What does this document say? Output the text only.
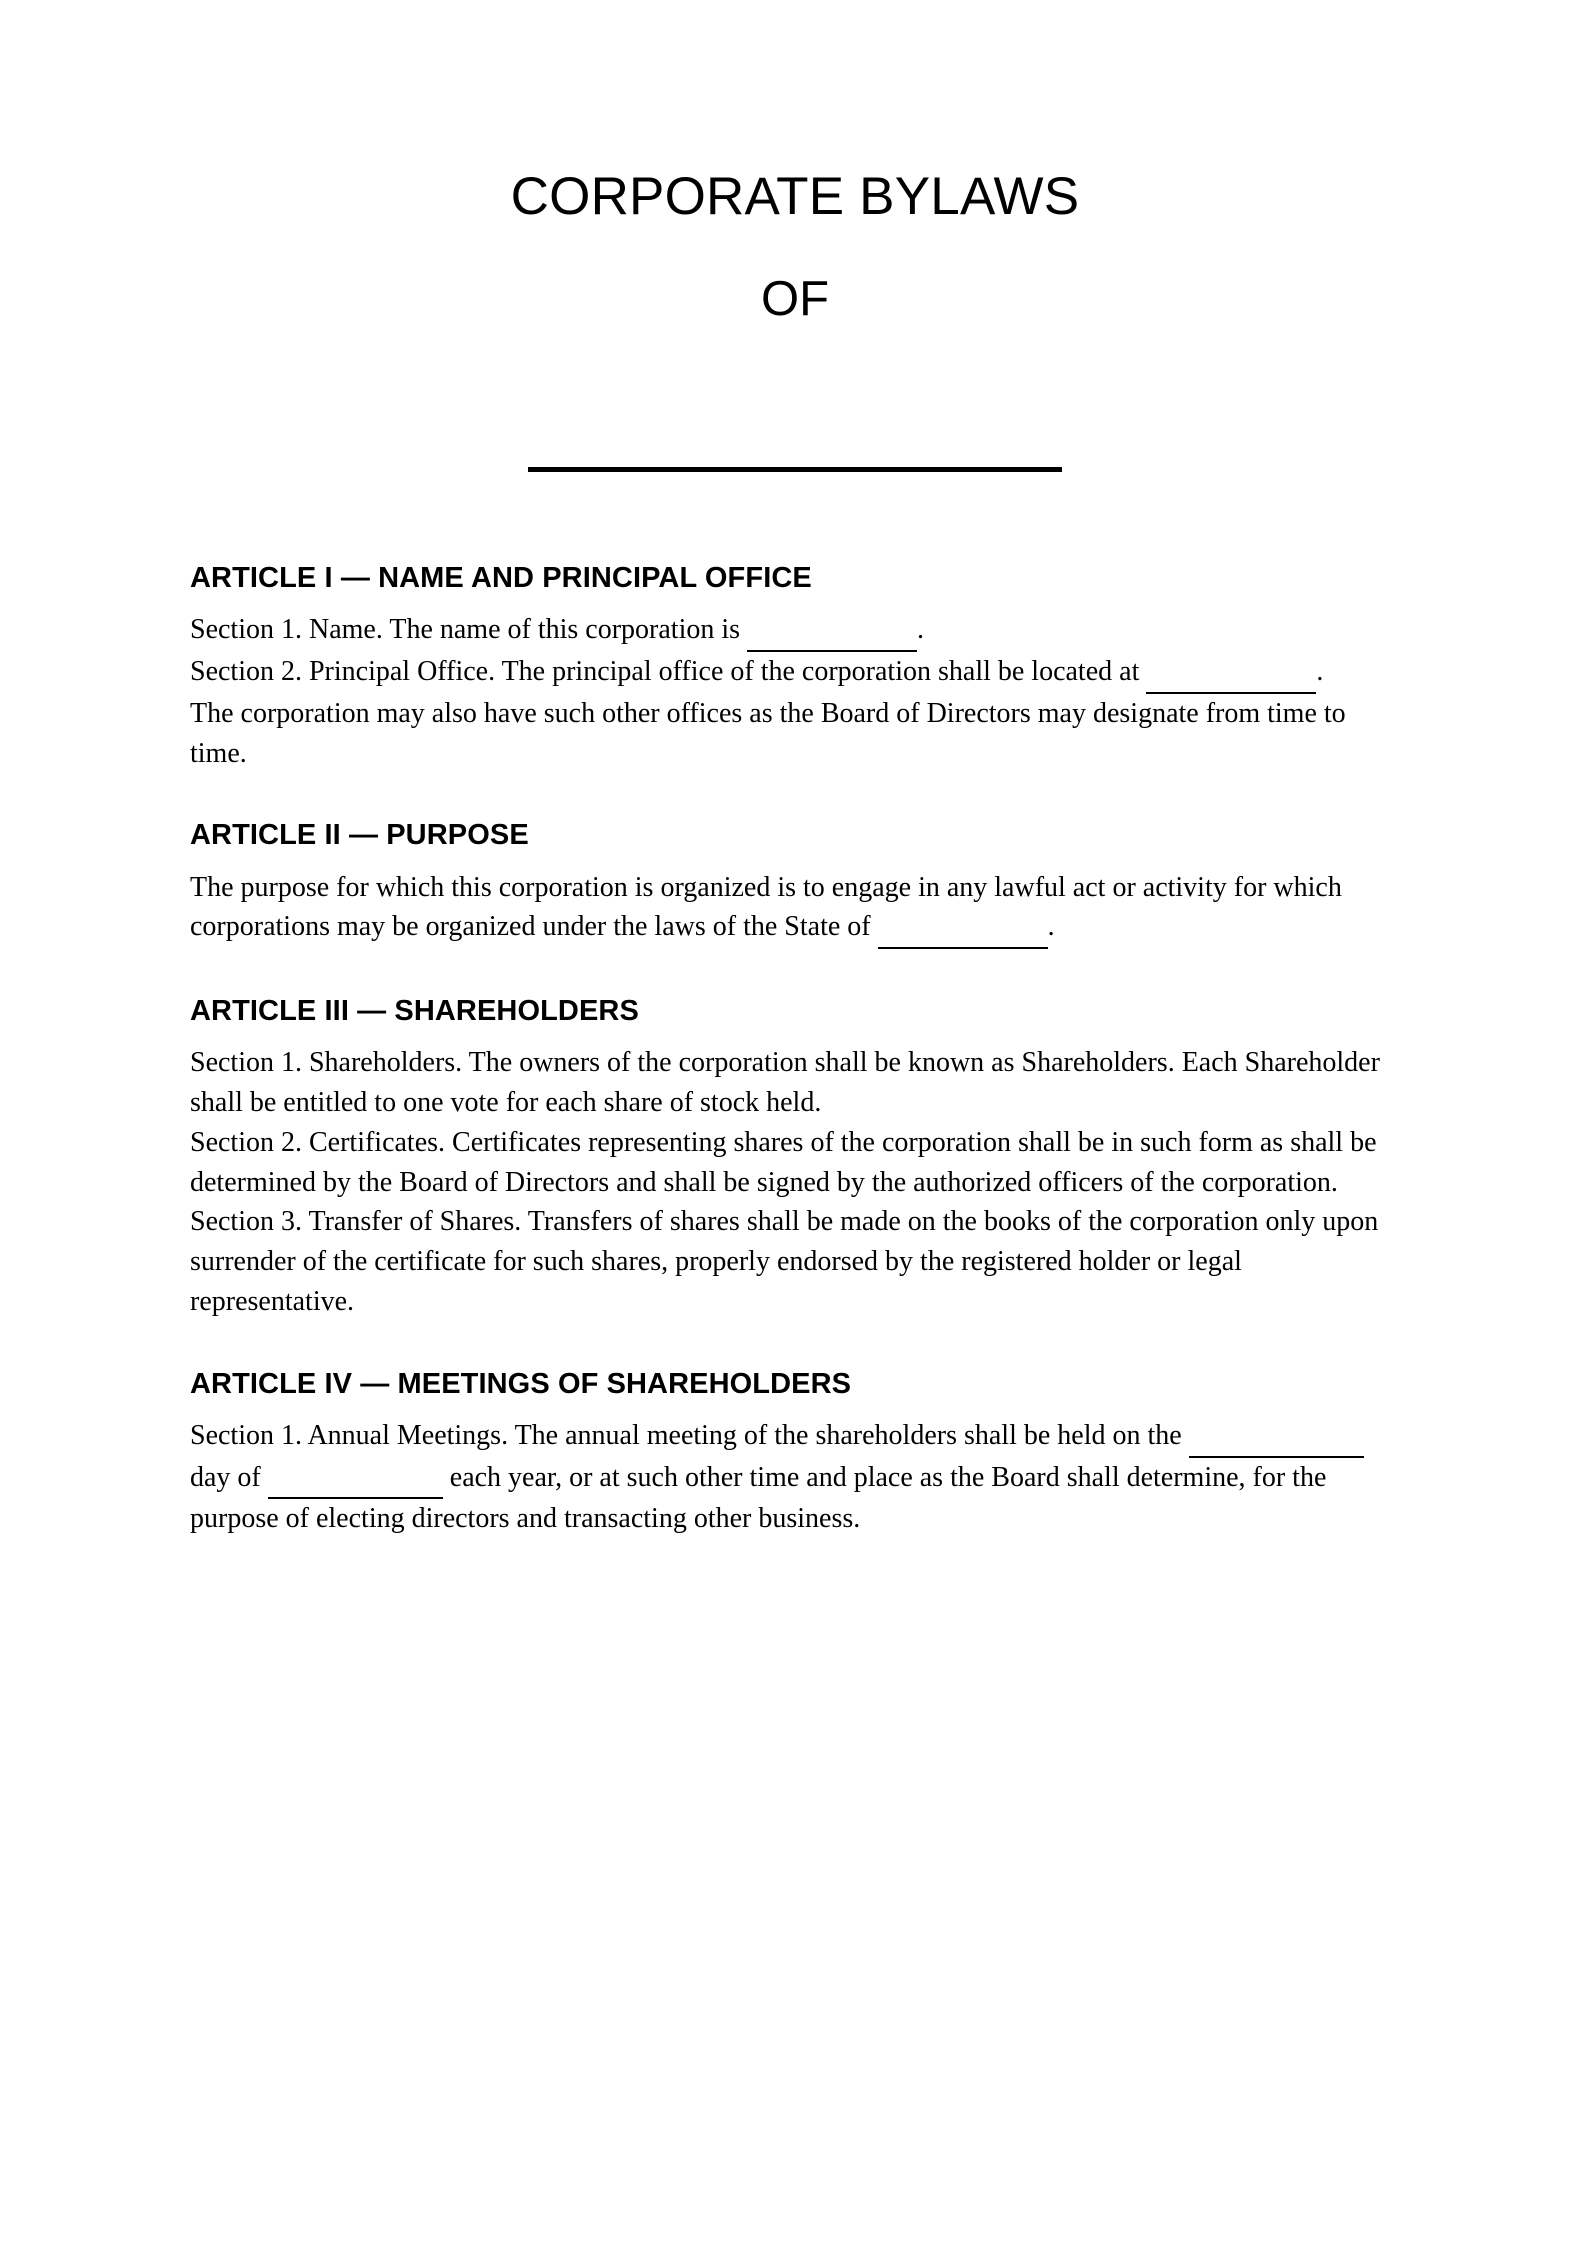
CORPORATE BYLAWS
OF
ARTICLE I — NAME AND PRINCIPAL OFFICE

Section 1. Name. The name of this corporation is	.

Section 2. Principal Office. The principal office of the corporation shall be located at	.

The corporation may also have such other offices as the Board of Directors may designate from time to time.

ARTICLE II — PURPOSE

The purpose for which this corporation is organized is to engage in any lawful act or activity for which corporations may be organized under the laws of the State of	.

ARTICLE III — SHAREHOLDERS

Section 1. Shareholders. The owners of the corporation shall be known as Shareholders. Each Shareholder shall be entitled to one vote for each share of stock held.

Section 2. Certificates. Certificates representing shares of the corporation shall be in such form as shall be determined by the Board of Directors and shall be signed by the authorized officers of the corporation.

Section 3. Transfer of Shares. Transfers of shares shall be made on the books of the corporation only upon surrender of the certificate for such shares, properly endorsed by the registered holder or legal representative.

ARTICLE IV — MEETINGS OF SHAREHOLDERS

Section 1. Annual Meetings. The annual meeting of the shareholders shall be held on the   day of	each year, or at such other time and place as the Board shall determine, for the purpose of electing directors and transacting other business.
